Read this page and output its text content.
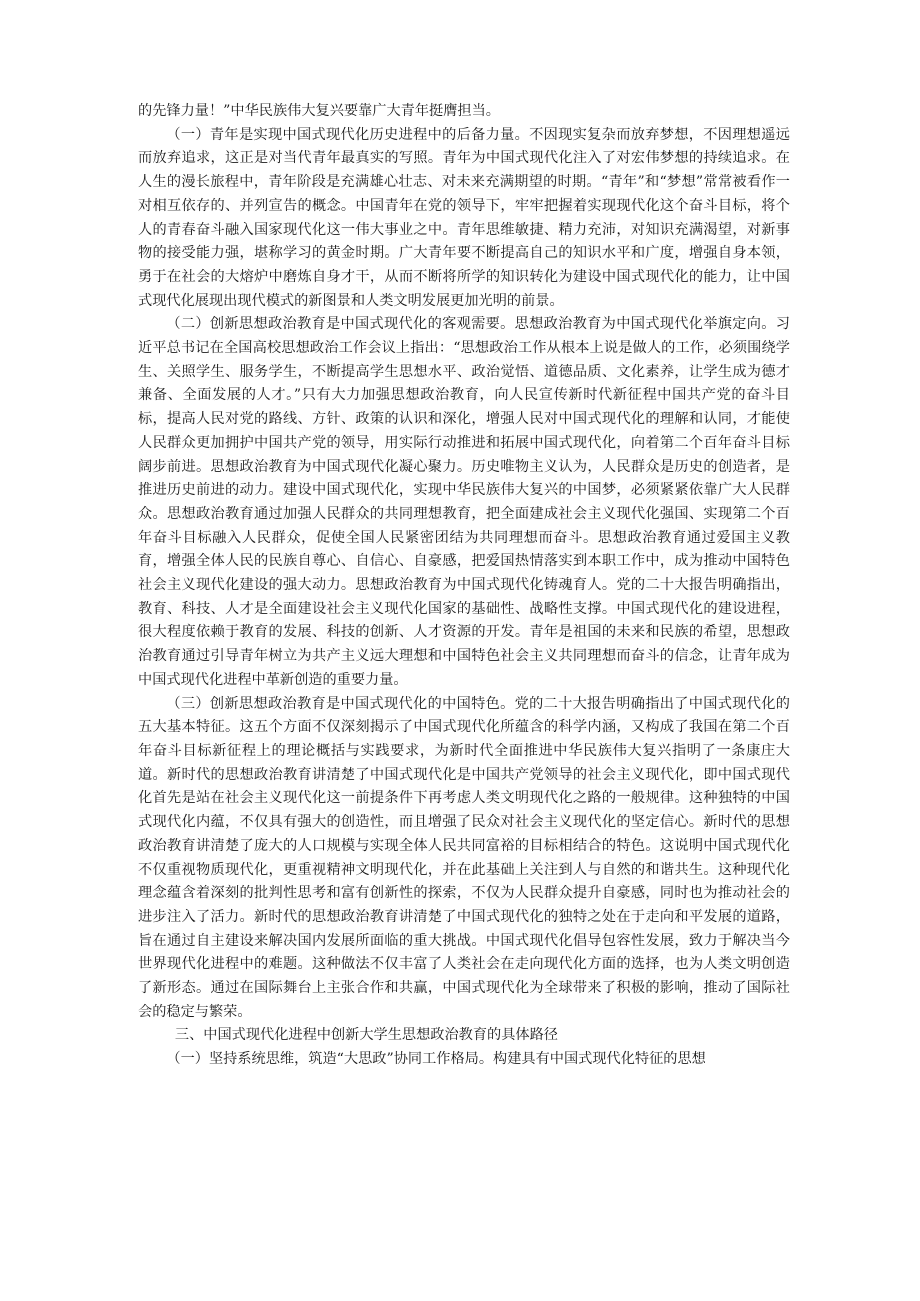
的先锋力量！”中华民族伟大复兴要靠广大青年挺膺担当。

（一）青年是实现中国式现代化历史进程中的后备力量。不因现实复杂而放弃梦想，不因理想遥远而放弃追求，这正是对当代青年最真实的写照。青年为中国式现代化注入了对宏伟梦想的持续追求。在人生的漫长旅程中，青年阶段是充满雄心壮志、对未来充满期望的时期。“青年”和“梦想”常常被看作一对相互依存的、并列宣告的概念。中国青年在党的领导下，牢牢把握着实现现代化这个奋斗目标，将个人的青春奋斗融入国家现代化这一伟大事业之中。青年思维敏捷、精力充沛，对知识充满渴望，对新事物的接受能力强，堪称学习的黄金时期。广大青年要不断提高自己的知识水平和广度，增强自身本领，勇于在社会的大熔炉中磨炼自身才干，从而不断将所学的知识转化为建设中国式现代化的能力，让中国式现代化展现出现代模式的新图景和人类文明发展更加光明的前景。

（二）创新思想政治教育是中国式现代化的客观需要。思想政治教育为中国式现代化举旗定向。习近平总书记在全国高校思想政治工作会议上指出：“思想政治工作从根本上说是做人的工作，必须围绕学生、关照学生、服务学生，不断提高学生思想水平、政治觉悟、道德品质、文化素养，让学生成为德才兼备、全面发展的人才。”只有大力加强思想政治教育，向人民宣传新时代新征程中国共产党的奋斗目标，提高人民对党的路线、方针、政策的认识和深化，增强人民对中国式现代化的理解和认同，才能使人民群众更加拥护中国共产党的领导，用实际行动推进和拓展中国式现代化，向着第二个百年奋斗目标阔步前进。思想政治教育为中国式现代化凝心聚力。历史唯物主义认为，人民群众是历史的创造者，是推进历史前进的动力。建设中国式现代化，实现中华民族伟大复兴的中国梦，必须紧紧依靠广大人民群众。思想政治教育通过加强人民群众的共同理想教育，把全面建成社会主义现代化强国、实现第二个百年奋斗目标融入人民群众，促使全国人民紧密团结为共同理想而奋斗。思想政治教育通过爱国主义教育，增强全体人民的民族自尊心、自信心、自豪感，把爱国热情落实到本职工作中，成为推动中国特色社会主义现代化建设的强大动力。思想政治教育为中国式现代化铸魂育人。党的二十大报告明确指出，教育、科技、人才是全面建设社会主义现代化国家的基础性、战略性支撑。中国式现代化的建设进程，很大程度依赖于教育的发展、科技的创新、人才资源的开发。青年是祖国的未来和民族的希望，思想政治教育通过引导青年树立为共产主义远大理想和中国特色社会主义共同理想而奋斗的信念，让青年成为中国式现代化进程中革新创造的重要力量。

（三）创新思想政治教育是中国式现代化的中国特色。党的二十大报告明确指出了中国式现代化的五大基本特征。这五个方面不仅深刻揭示了中国式现代化所蕴含的科学内涵，又构成了我国在第二个百年奋斗目标新征程上的理论概括与实践要求，为新时代全面推进中华民族伟大复兴指明了一条康庄大道。新时代的思想政治教育讲清楚了中国式现代化是中国共产党领导的社会主义现代化，即中国式现代化首先是站在社会主义现代化这一前提条件下再考虑人类文明现代化之路的一般规律。这种独特的中国式现代化内蕴，不仅具有强大的创造性，而且增强了民众对社会主义现代化的坚定信心。新时代的思想政治教育讲清楚了庞大的人口规模与实现全体人民共同富裕的目标相结合的特色。这说明中国式现代化不仅重视物质现代化，更重视精神文明现代化，并在此基础上关注到人与自然的和谐共生。这种现代化理念蕴含着深刻的批判性思考和富有创新性的探索，不仅为人民群众提升自豪感，同时也为推动社会的进步注入了活力。新时代的思想政治教育讲清楚了中国式现代化的独特之处在于走向和平发展的道路，旨在通过自主建设来解决国内发展所面临的重大挑战。中国式现代化倡导包容性发展，致力于解决当今世界现代化进程中的难题。这种做法不仅丰富了人类社会在走向现代化方面的选择，也为人类文明创造了新形态。通过在国际舞台上主张合作和共赢，中国式现代化为全球带来了积极的影响，推动了国际社会的稳定与繁荣。

三、中国式现代化进程中创新大学生思想政治教育的具体路径

（一）坚持系统思维，筑造“大思政”协同工作格局。构建具有中国式现代化特征的思想
